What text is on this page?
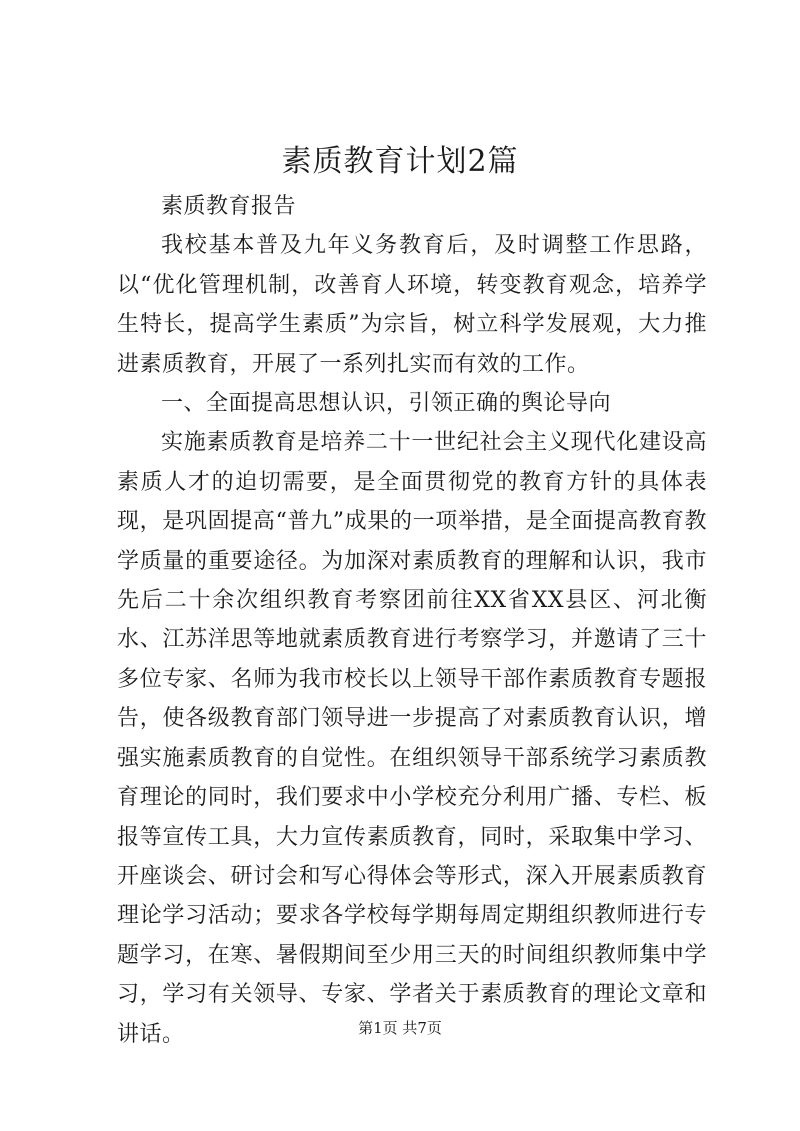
素质教育计划2篇

素质教育报告

我校基本普及九年义务教育后，及时调整工作思路，以“优化管理机制，改善育人环境，转变教育观念，培养学生特长，提高学生素质”为宗旨，树立科学发展观，大力推进素质教育，开展了一系列扎实而有效的工作。

一、全面提高思想认识，引领正确的舆论导向

实施素质教育是培养二十一世纪社会主义现代化建设高素质人才的迫切需要，是全面贯彻党的教育方针的具体表现，是巩固提高“普九”成果的一项举措，是全面提高教育教学质量的重要途径。为加深对素质教育的理解和认识，我市先后二十余次组织教育考察团前往XX省XX县区、河北衡水、江苏洋思等地就素质教育进行考察学习，并邀请了三十多位专家、名师为我市校长以上领导干部作素质教育专题报告，使各级教育部门领导进一步提高了对素质教育认识，增强实施素质教育的自觉性。在组织领导干部系统学习素质教育理论的同时，我们要求中小学校充分利用广播、专栏、板报等宣传工具，大力宣传素质教育，同时，采取集中学习、开座谈会、研讨会和写心得体会等形式，深入开展素质教育理论学习活动；要求各学校每学期每周定期组织教师进行专题学习，在寒、暑假期间至少用三天的时间组织教师集中学习，学习有关领导、专家、学者关于素质教育的理论文章和讲话。	第1页 共7页
